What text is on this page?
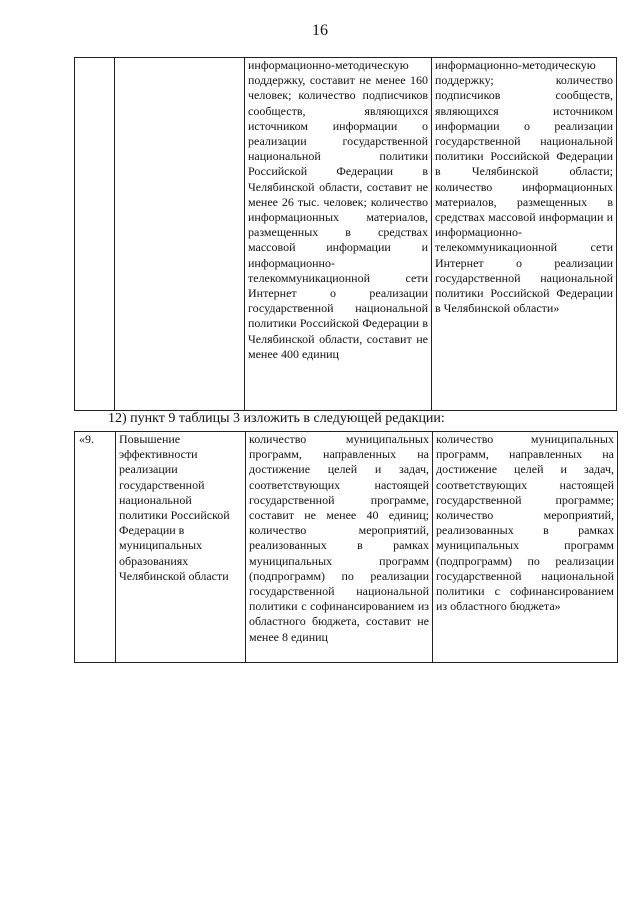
16
		информационно-методическую поддержку, составит не менее 160 человек; количество подписчиков сообществ, являющихся источником информации о реализации государственной национальной политики Российской Федерации в Челябинской области, составит не менее 26 тыс. человек; количество информационных материалов, размещенных в средствах массовой информации и информационно-телекоммуникационной сети Интернет о реализации государственной национальной политики Российской Федерации в Челябинской области, составит не менее 400 единиц	информационно-методическую поддержку; количество подписчиков сообществ, являющихся источником информации о реализации государственной национальной политики Российской Федерации в Челябинской области; количество информационных материалов, размещенных в средствах массовой информации и информационно-телекоммуникационной сети Интернет о реализации государственной национальной политики Российской Федерации в Челябинской области»
12) пункт 9 таблицы 3 изложить в следующей редакции:
«9.	Повышение эффективности реализации государственной национальной политики Российской Федерации в муниципальных образованиях Челябинской области	количество муниципальных программ, направленных на достижение целей и задач, соответствующих настоящей государственной программе, составит не менее 40 единиц; количество мероприятий, реализованных в рамках муниципальных программ (подпрограмм) по реализации государственной национальной политики с софинансированием из областного бюджета, составит не менее 8 единиц	количество муниципальных программ, направленных на достижение целей и задач, соответствующих настоящей государственной программе; количество мероприятий, реализованных в рамках муниципальных программ (подпрограмм) по реализации государственной национальной политики с софинансированием из областного бюджета»
